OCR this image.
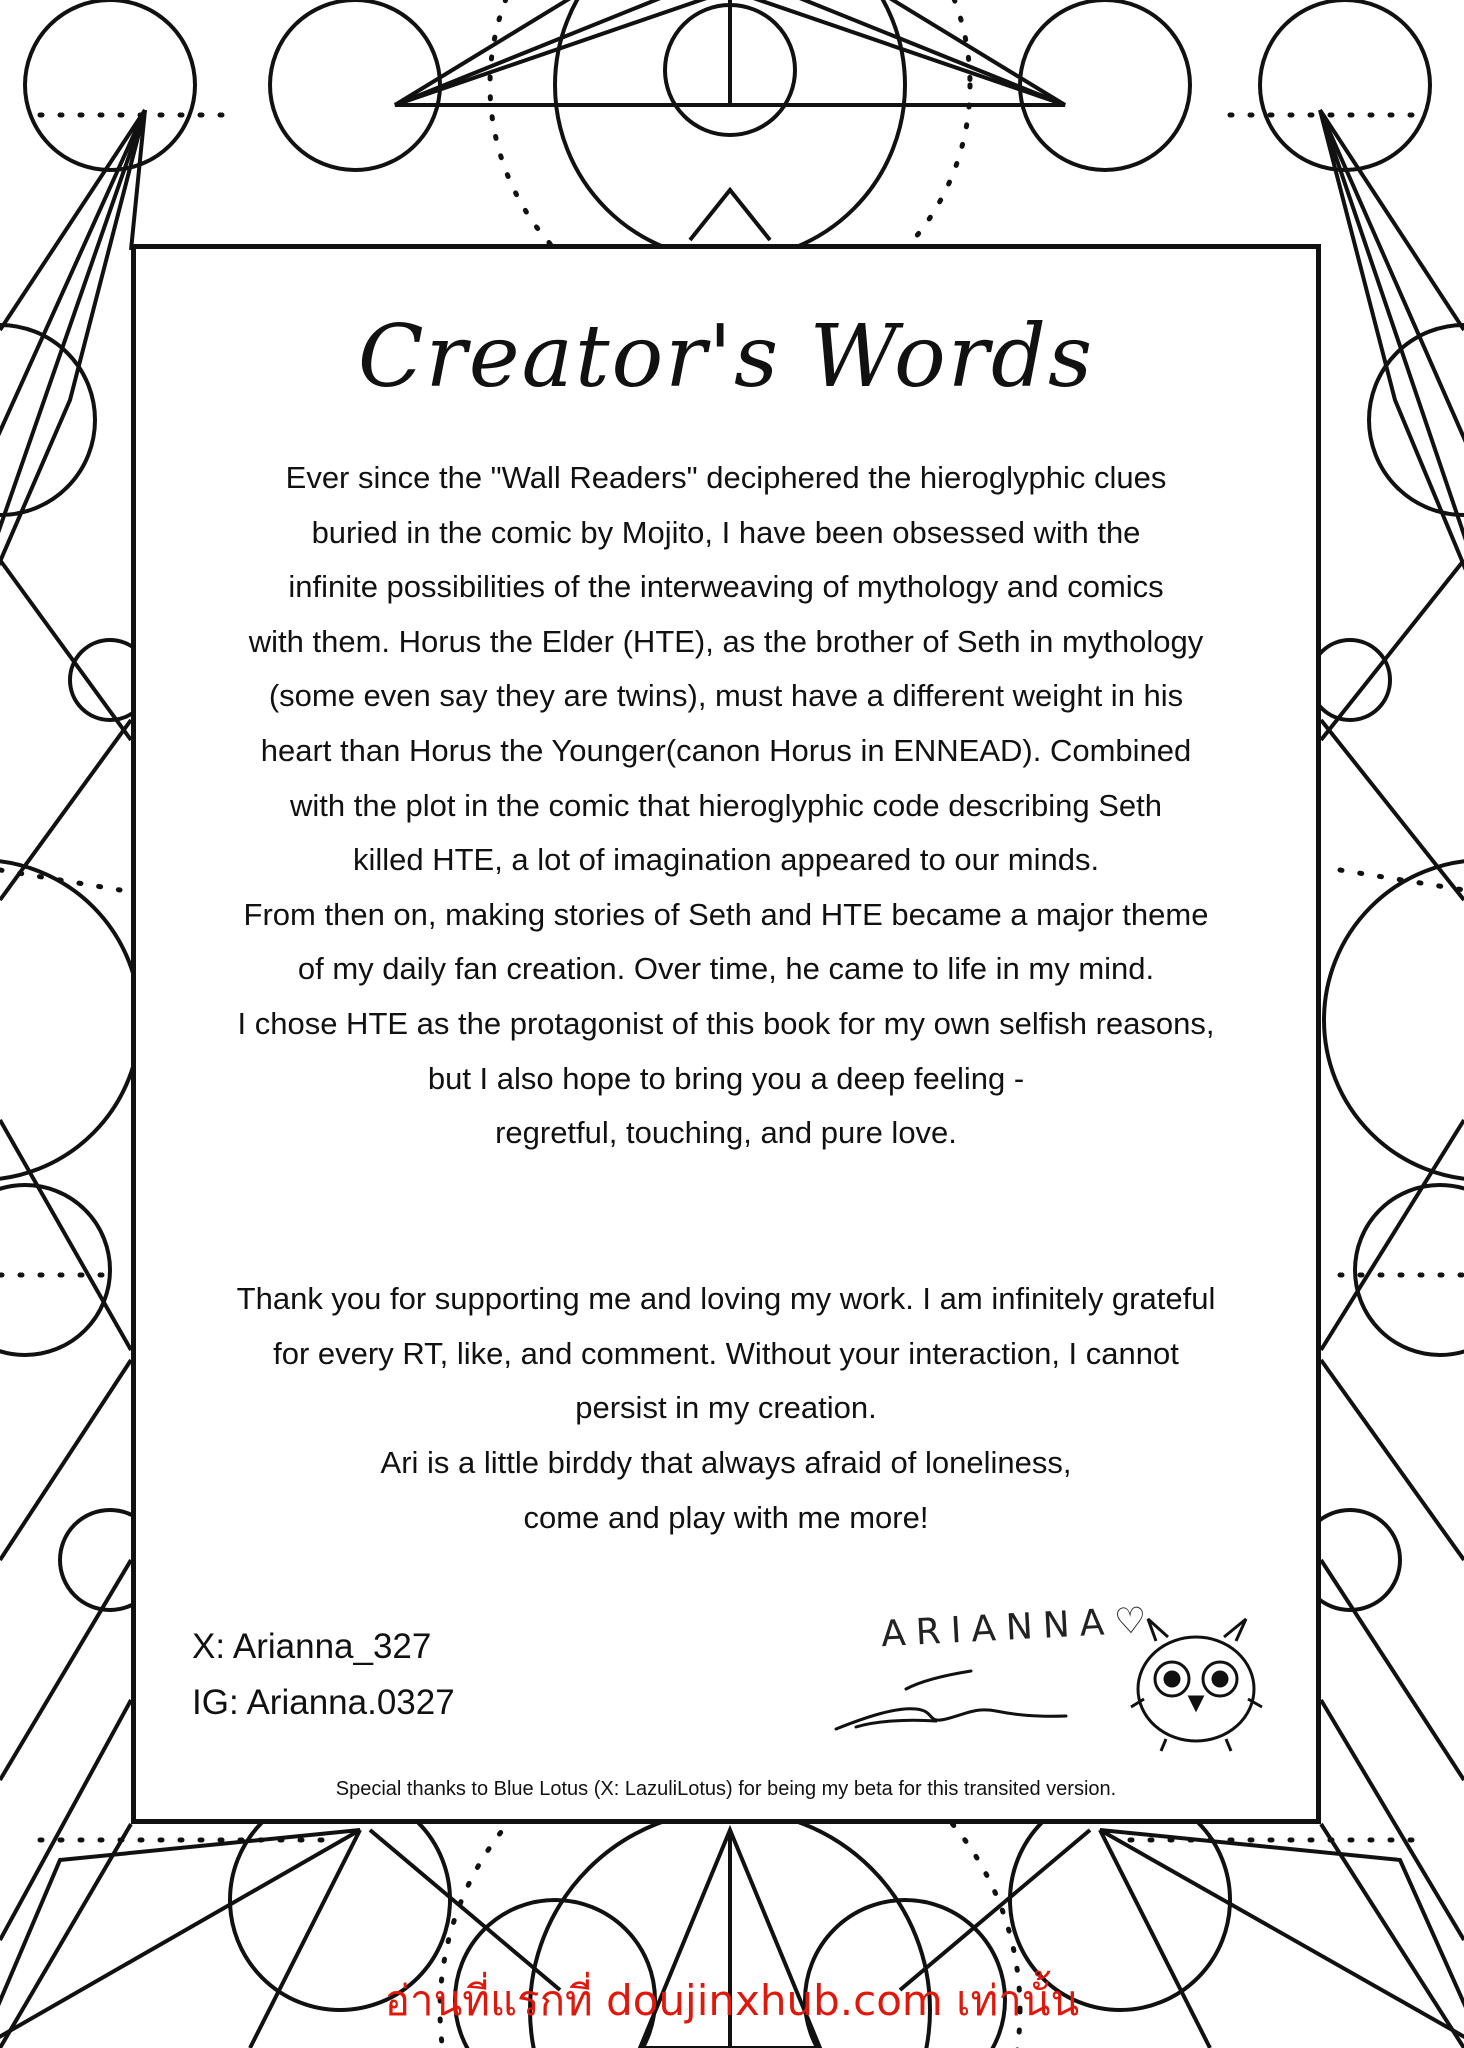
Creator's Words
Ever since the "Wall Readers" deciphered the hieroglyphic clues
buried in the comic by Mojito, I have been obsessed with the
infinite possibilities of the interweaving of mythology and comics
with them. Horus the Elder (HTE), as the brother of Seth in mythology
(some even say they are twins), must have a different weight in his
heart than Horus the Younger(canon Horus in ENNEAD). Combined
with the plot in the comic that hieroglyphic code describing Seth
killed HTE, a lot of imagination appeared to our minds.
From then on, making stories of Seth and HTE became a major theme
of my daily fan creation. Over time, he came to life in my mind.
I chose HTE as the protagonist of this book for my own selfish reasons,
but I also hope to bring you a deep feeling -
regretful, touching, and pure love.
Thank you for supporting me and loving my work. I am infinitely grateful
for every RT, like, and comment. Without your interaction, I cannot
persist in my creation.
Ari is a little birddy that always afraid of loneliness,
come and play with me more!
X: Arianna_327
IG: Arianna.0327
ARIANNA♡
Special thanks to Blue Lotus (X: LazuliLotus) for being my beta for this transited version.
อ่านที่แรกที่ doujinxhub.com เท่านั้น
